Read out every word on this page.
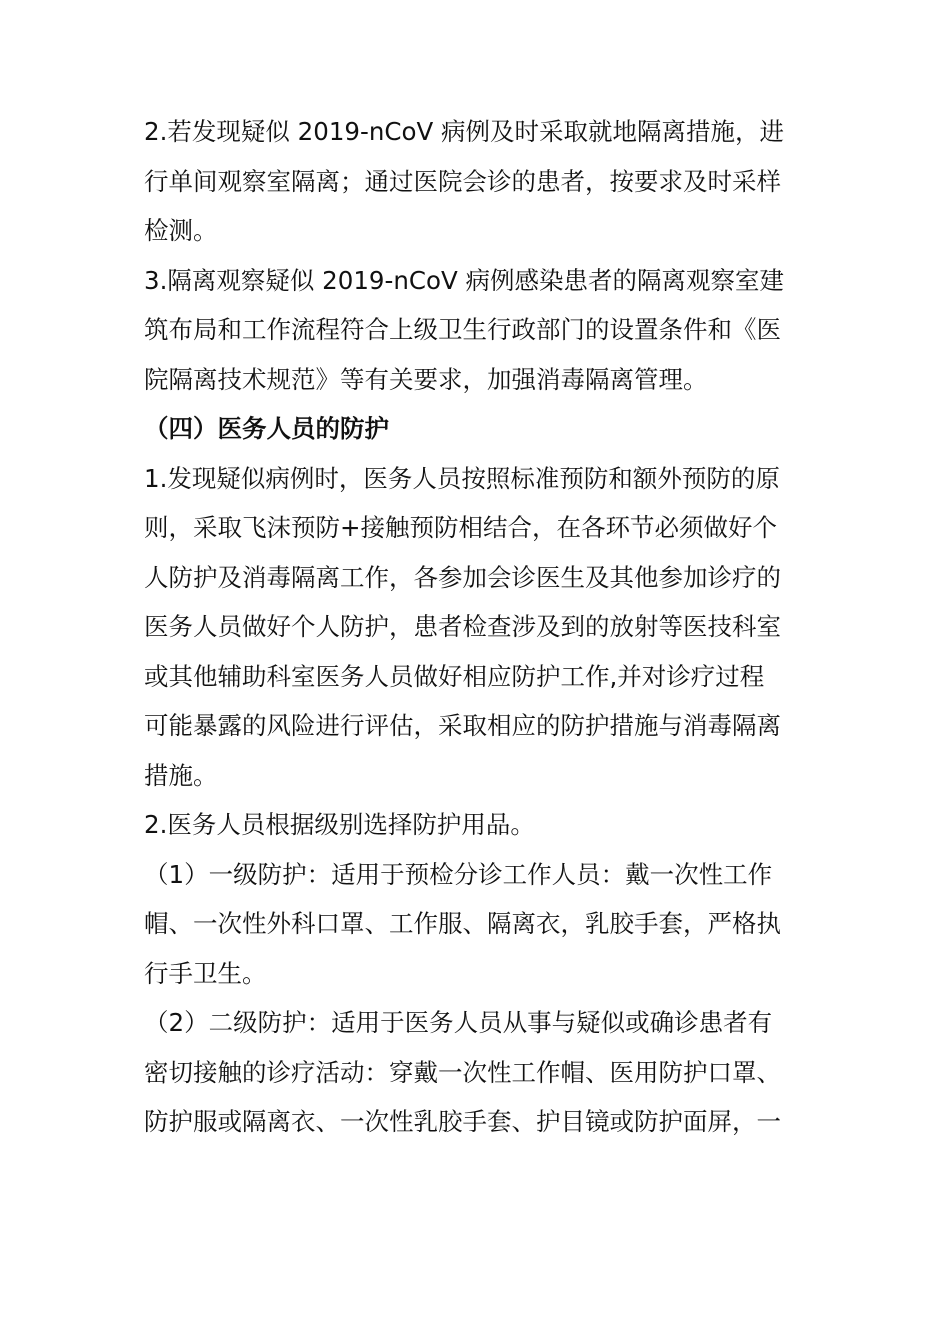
2.若发现疑似 2019-nCoV 病例及时采取就地隔离措施，进
行单间观察室隔离；通过医院会诊的患者，按要求及时采样
检测。
3.隔离观察疑似 2019-nCoV 病例感染患者的隔离观察室建
筑布局和工作流程符合上级卫生行政部门的设置条件和《医
院隔离技术规范》等有关要求，加强消毒隔离管理。
（四）医务人员的防护
1.发现疑似病例时，医务人员按照标准预防和额外预防的原
则，采取飞沫预防+接触预防相结合，在各环节必须做好个
人防护及消毒隔离工作，各参加会诊医生及其他参加诊疗的
医务人员做好个人防护，患者检查涉及到的放射等医技科室
或其他辅助科室医务人员做好相应防护工作,并对诊疗过程
可能暴露的风险进行评估，采取相应的防护措施与消毒隔离
措施。
2.医务人员根据级别选择防护用品。
（1）一级防护：适用于预检分诊工作人员：戴一次性工作
帽、一次性外科口罩、工作服、隔离衣，乳胶手套，严格执
行手卫生。
（2）二级防护：适用于医务人员从事与疑似或确诊患者有
密切接触的诊疗活动：穿戴一次性工作帽、医用防护口罩、
防护服或隔离衣、一次性乳胶手套、护目镜或防护面屏，一
